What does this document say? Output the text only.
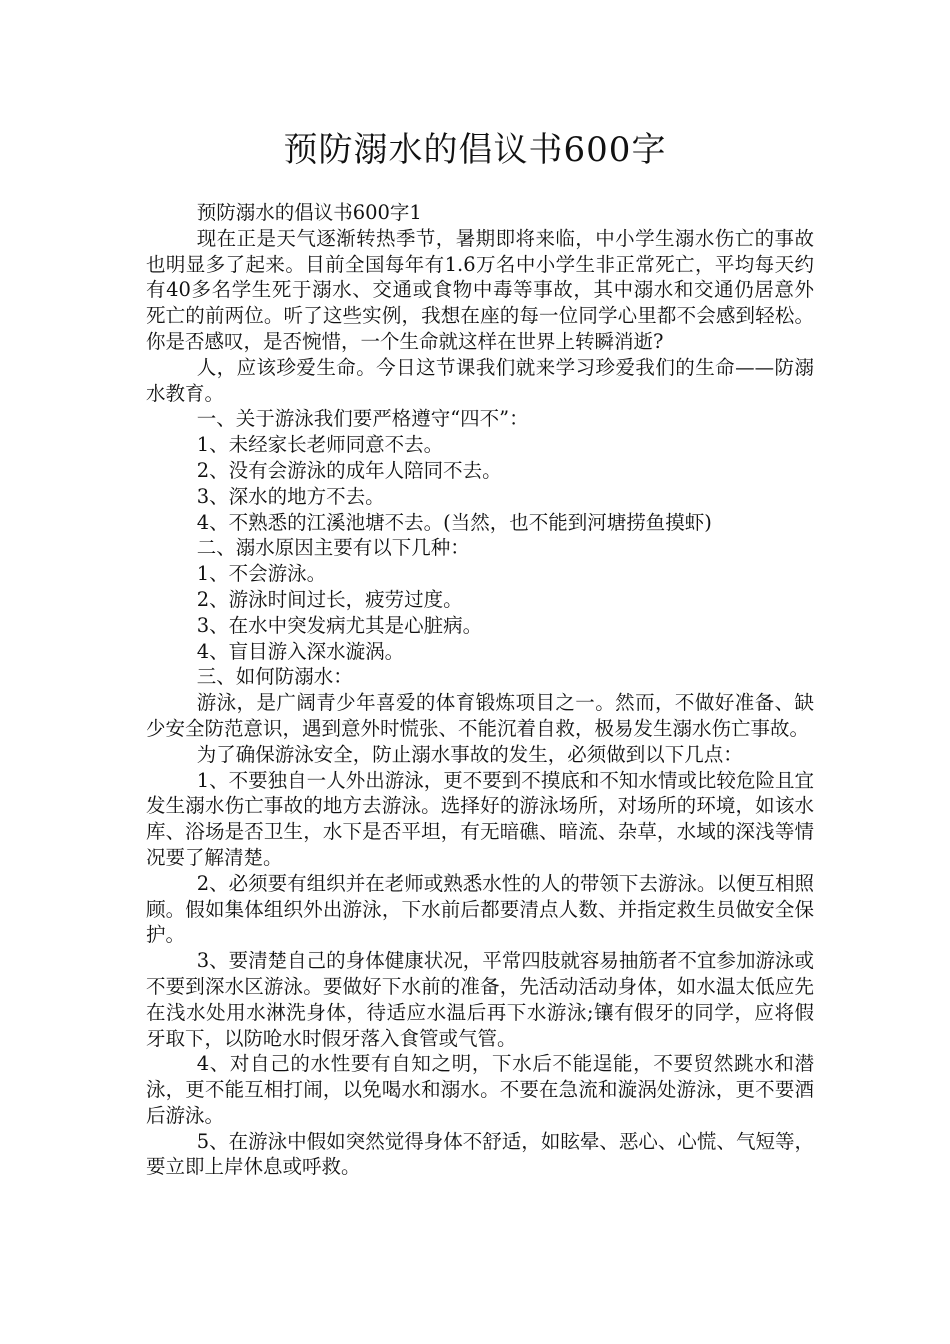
预防溺水的倡议书600字

预防溺水的倡议书600字1

现在正是天气逐渐转热季节，暑期即将来临，中小学生溺水伤亡的事故也明显多了起来。目前全国每年有1.6万名中小学生非正常死亡，平均每天约有40多名学生死于溺水、交通或食物中毒等事故，其中溺水和交通仍居意外死亡的前两位。听了这些实例，我想在座的每一位同学心里都不会感到轻松。你是否感叹，是否惋惜，一个生命就这样在世界上转瞬消逝?

人，应该珍爱生命。今日这节课我们就来学习珍爱我们的生命——防溺水教育。

一、关于游泳我们要严格遵守“四不”：

1、未经家长老师同意不去。

2、没有会游泳的成年人陪同不去。

3、深水的地方不去。

4、不熟悉的江溪池塘不去。(当然，也不能到河塘捞鱼摸虾)

二、溺水原因主要有以下几种：

1、不会游泳。

2、游泳时间过长，疲劳过度。

3、在水中突发病尤其是心脏病。

4、盲目游入深水漩涡。

三、如何防溺水：

游泳，是广阔青少年喜爱的体育锻炼项目之一。然而，不做好准备、缺少安全防范意识，遇到意外时慌张、不能沉着自救，极易发生溺水伤亡事故。

为了确保游泳安全，防止溺水事故的发生，必须做到以下几点：

1、不要独自一人外出游泳，更不要到不摸底和不知水情或比较危险且宜发生溺水伤亡事故的地方去游泳。选择好的游泳场所，对场所的环境，如该水库、浴场是否卫生，水下是否平坦，有无暗礁、暗流、杂草，水域的深浅等情况要了解清楚。

2、必须要有组织并在老师或熟悉水性的人的带领下去游泳。以便互相照顾。假如集体组织外出游泳，下水前后都要清点人数、并指定救生员做安全保护。

3、要清楚自己的身体健康状况，平常四肢就容易抽筋者不宜参加游泳或不要到深水区游泳。要做好下水前的准备，先活动活动身体，如水温太低应先在浅水处用水淋洗身体，待适应水温后再下水游泳;镶有假牙的同学，应将假牙取下，以防呛水时假牙落入食管或气管。

4、对自己的水性要有自知之明，下水后不能逞能，不要贸然跳水和潜泳，更不能互相打闹，以免喝水和溺水。不要在急流和漩涡处游泳，更不要酒后游泳。

5、在游泳中假如突然觉得身体不舒适，如眩晕、恶心、心慌、气短等，要立即上岸休息或呼救。
